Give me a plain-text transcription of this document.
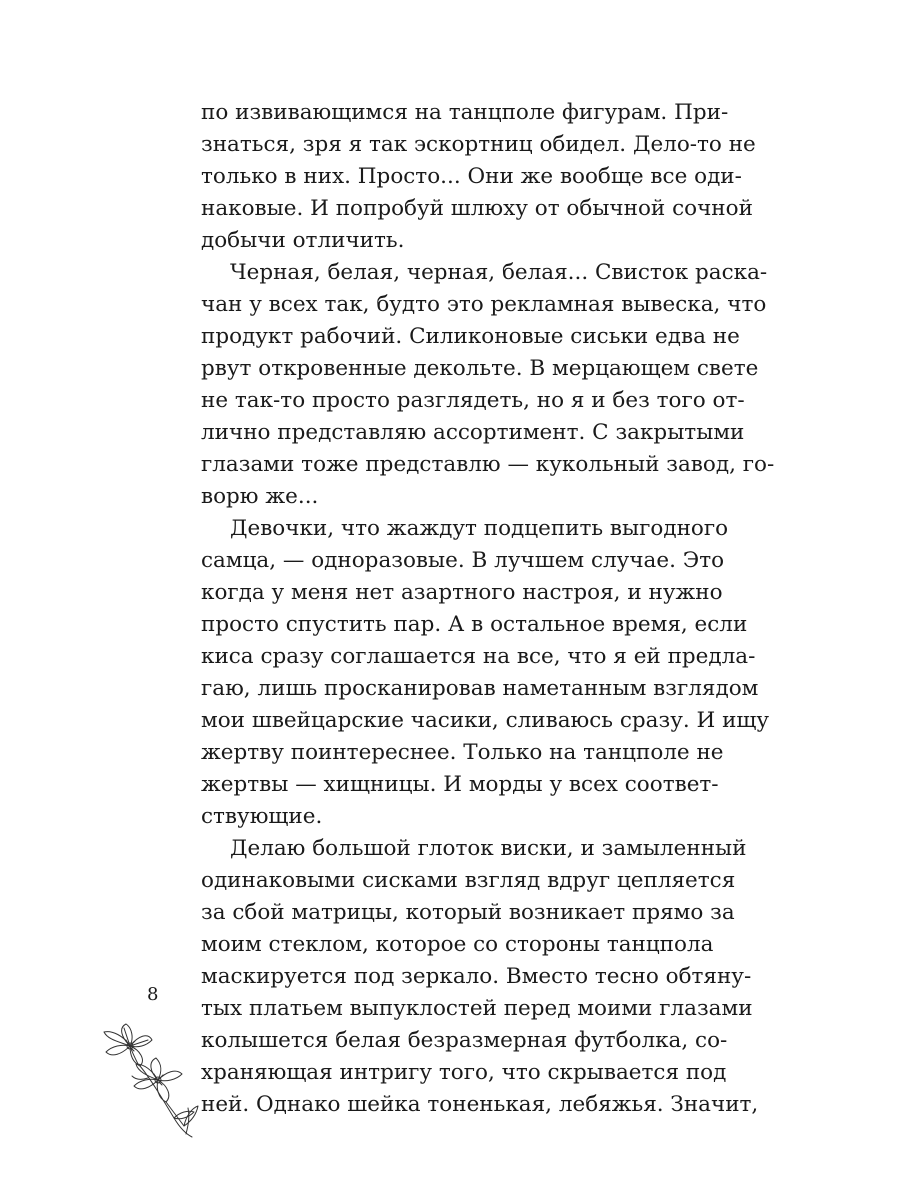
по извивающимся на танцполе фигурам. При-
знаться, зря я так эскортниц обидел. Дело-то не
только в них. Просто... Они же вообще все оди-
наковые. И попробуй шлюху от обычной сочной
добычи отличить.
Черная, белая, черная, белая... Свисток раска-
чан у всех так, будто это рекламная вывеска, что
продукт рабочий. Силиконовые сиськи едва не
рвут откровенные декольте. В мерцающем свете
не так-то просто разглядеть, но я и без того от-
лично представляю ассортимент. С закрытыми
глазами тоже представлю — кукольный завод, го-
ворю же...
Девочки, что жаждут подцепить выгодного
самца, — одноразовые. В лучшем случае. Это
когда у меня нет азартного настроя, и нужно
просто спустить пар. А в остальное время, если
киса сразу соглашается на все, что я ей предла-
гаю, лишь просканировав наметанным взглядом
мои швейцарские часики, сливаюсь сразу. И ищу
жертву поинтереснее. Только на танцполе не
жертвы — хищницы. И морды у всех соответ-
ствующие.
Делаю большой глоток виски, и замыленный
одинаковыми сисками взгляд вдруг цепляется
за сбой матрицы, который возникает прямо за
моим стеклом, которое со стороны танцпола
маскируется под зеркало. Вместо тесно обтяну-
тых платьем выпуклостей перед моими глазами
колышется белая безразмерная футболка, со-
храняющая интригу того, что скрывается под
ней. Однако шейка тоненькая, лебяжья. Значит,
8
